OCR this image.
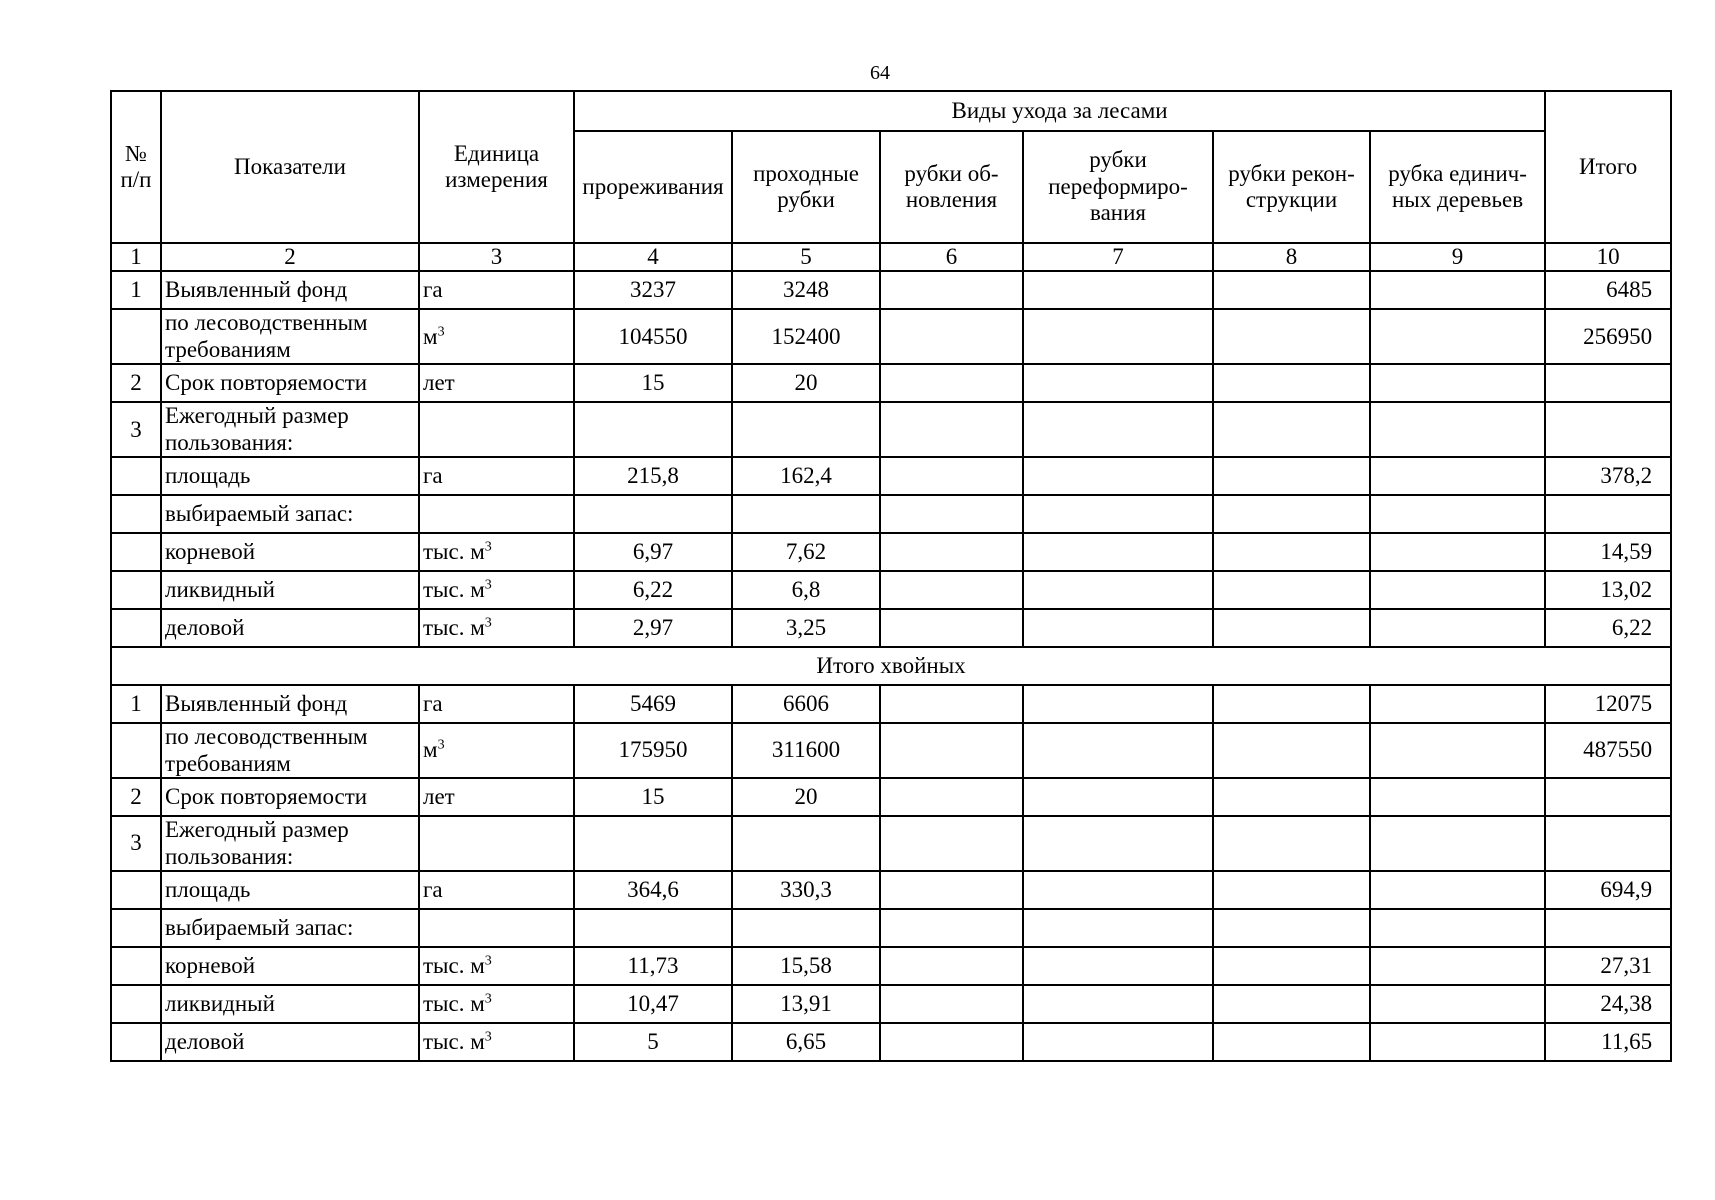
64
№
п/п	Показатели	Единица измерения	Виды ухода за лесами						Итого
			прореживания	проходные рубки	рубки об- новления	рубки переформиро- вания	рубки рекон- струкции	рубка единич- ных деревьев	
1	2	3	4	5	6	7	8	9	10
1	Выявленный фонд	га	3237	3248					6485
	по лесоводственным требованиям	$м^3$	104550	152400					256950
2	Срок повторяемости	лет	15	20					
3	Ежегодный размер пользования:								
	площадь	га	215,8	162,4					378,2
	выбираемый запас:								
	корневой	тыс. $м^3$	6,97	7,62					14,59
	ликвидный	тыс. $м^3$	6,22	6,8					13,02
	деловой	тыс. $м^3$	2,97	3,25					6,22
Итого хвойных									
1	Выявленный фонд	га	5469	6606					12075
	по лесоводственным требованиям	$м^3$	175950	311600					487550
2	Срок повторяемости	лет	15	20					
3	Ежегодный размер пользования:								
	площадь	га	364,6	330,3					694,9
	выбираемый запас:								
	корневой	тыс. $м^3$	11,73	15,58					27,31
	ликвидный	тыс. $м^3$	10,47	13,91					24,38
	деловой	тыс. $м^3$	5	6,65					11,65
